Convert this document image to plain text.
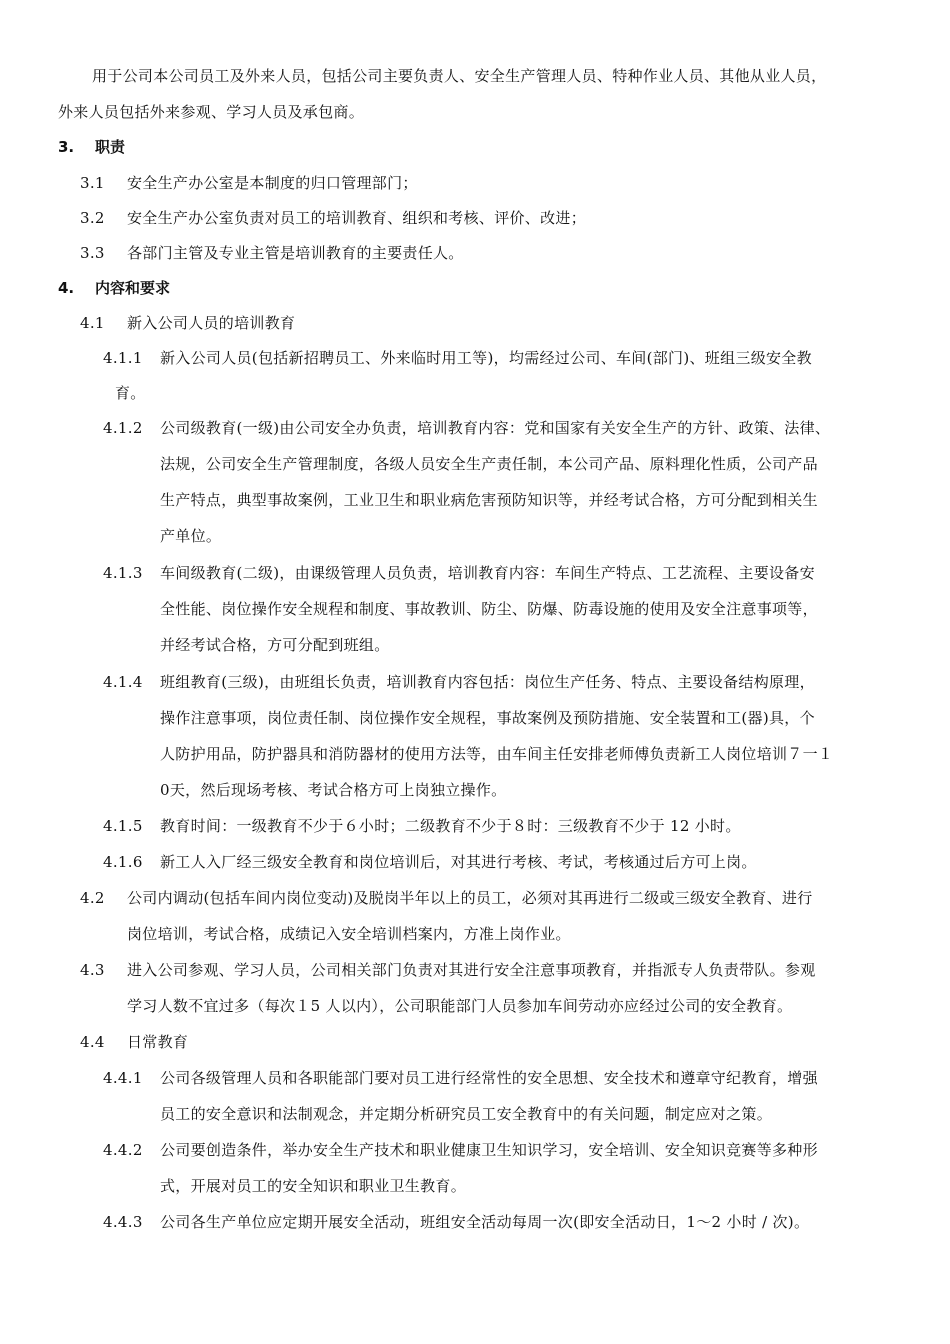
用于公司本公司员工及外来人员，包括公司主要负责人、安全生产管理人员、特种作业人员、其他从业人员，
外来人员包括外来参观、学习人员及承包商。
3. 职责
3.1 安全生产办公室是本制度的归口管理部门；
3.2 安全生产办公室负责对员工的培训教育、组织和考核、评价、改进；
3.3 各部门主管及专业主管是培训教育的主要责任人。
4. 内容和要求
4.1 新入公司人员的培训教育
4.1.1 新入公司人员(包括新招聘员工、外来临时用工等)，均需经过公司、车间(部门)、班组三级安全教
育。
4.1.2 公司级教育(一级)由公司安全办负责，培训教育内容：党和国家有关安全生产的方针、政策、法律、
法规，公司安全生产管理制度，各级人员安全生产责任制，本公司产品、原料理化性质，公司产品
生产特点，典型事故案例，工业卫生和职业病危害预防知识等，并经考试合格，方可分配到相关生
产单位。
4.1.3 车间级教育(二级)，由课级管理人员负责，培训教育内容：车间生产特点、工艺流程、主要设备安
全性能、岗位操作安全规程和制度、事故教训、防尘、防爆、防毒设施的使用及安全注意事项等，
并经考试合格，方可分配到班组。
4.1.4 班组教育(三级)，由班组长负责，培训教育内容包括：岗位生产任务、特点、主要设备结构原理，
操作注意事项，岗位责任制、岗位操作安全规程，事故案例及预防措施、安全装置和工(器)具，个
人防护用品，防护器具和消防器材的使用方法等，由车间主任安排老师傅负责新工人岗位培训７一１
0天，然后现场考核、考试合格方可上岗独立操作。
4.1.5 教育时间：一级教育不少于６小时；二级教育不少于８时：三级教育不少于 12 小时。
4.1.6 新工人入厂经三级安全教育和岗位培训后，对其进行考核、考试，考核通过后方可上岗。
4.2 公司内调动(包括车间内岗位变动)及脱岗半年以上的员工，必须对其再进行二级或三级安全教育、进行
岗位培训，考试合格，成绩记入安全培训档案内，方准上岗作业。
4.3 进入公司参观、学习人员，公司相关部门负责对其进行安全注意事项教育，并指派专人负责带队。参观
学习人数不宜过多（每次１5 人以内），公司职能部门人员参加车间劳动亦应经过公司的安全教育。
4.4 日常教育
4.4.1 公司各级管理人员和各职能部门要对员工进行经常性的安全思想、安全技术和遵章守纪教育，增强
员工的安全意识和法制观念，并定期分析研究员工安全教育中的有关问题，制定应对之策。
4.4.2 公司要创造条件，举办安全生产技术和职业健康卫生知识学习，安全培训、安全知识竞赛等多种形
式，开展对员工的安全知识和职业卫生教育。
4.4.3 公司各生产单位应定期开展安全活动，班组安全活动每周一次(即安全活动日，1～2 小时 / 次)。
